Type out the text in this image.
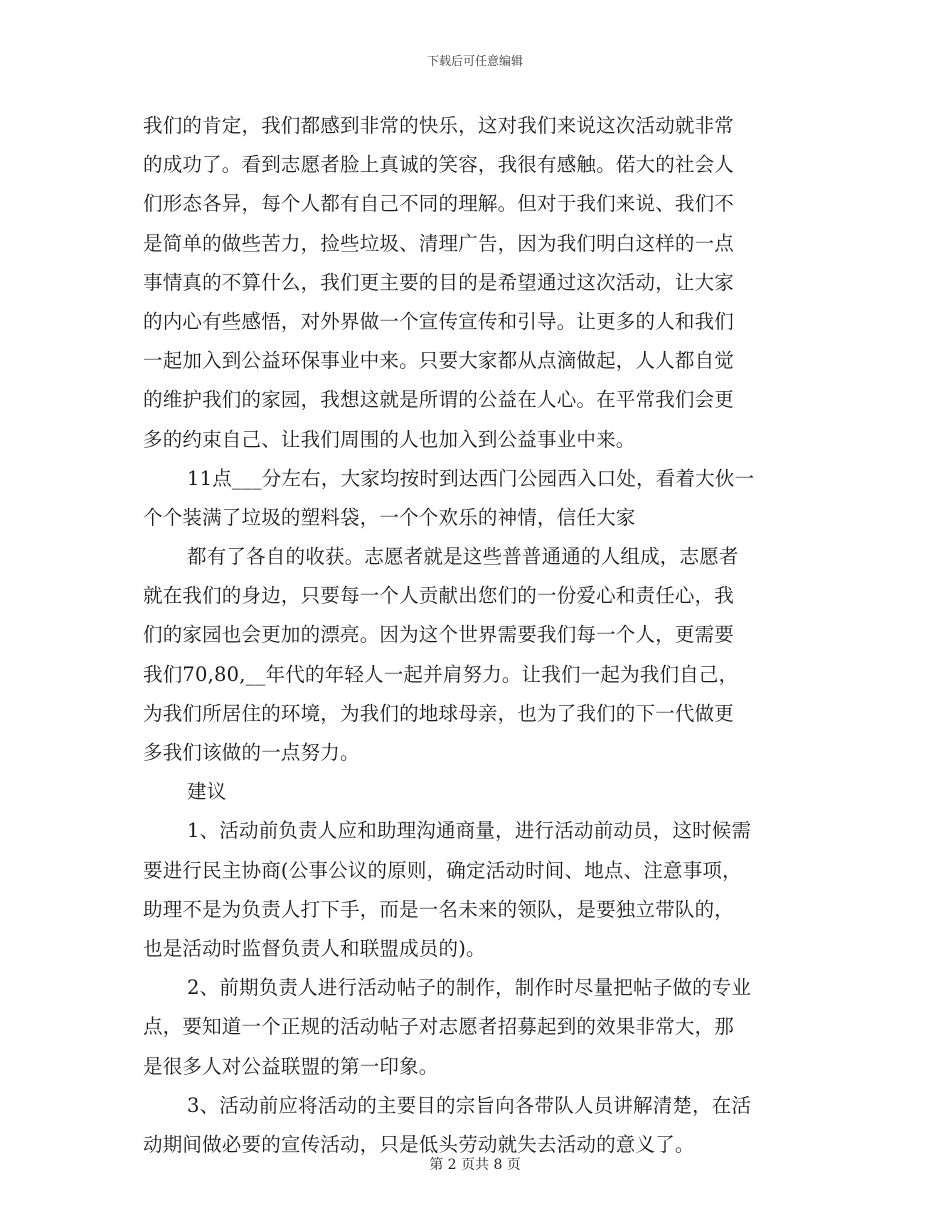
下载后可任意编辑
我们的肯定，我们都感到非常的快乐，这对我们来说这次活动就非常
的成功了。看到志愿者脸上真诚的笑容，我很有感触。偌大的社会人
们形态各异，每个人都有自己不同的理解。但对于我们来说、我们不
是简单的做些苦力，捡些垃圾、清理广告，因为我们明白这样的一点
事情真的不算什么，我们更主要的目的是希望通过这次活动，让大家
的内心有些感悟，对外界做一个宣传宣传和引导。让更多的人和我们
一起加入到公益环保事业中来。只要大家都从点滴做起，人人都自觉
的维护我们的家园，我想这就是所谓的公益在人心。在平常我们会更
多的约束自己、让我们周围的人也加入到公益事业中来。
11点___分左右，大家均按时到达西门公园西入口处，看着大伙一
个个装满了垃圾的塑料袋，一个个欢乐的神情，信任大家
都有了各自的收获。志愿者就是这些普普通通的人组成，志愿者
就在我们的身边，只要每一个人贡献出您们的一份爱心和责任心，我
们的家园也会更加的漂亮。因为这个世界需要我们每一个人，更需要
我们70,80,__年代的年轻人一起并肩努力。让我们一起为我们自己，
为我们所居住的环境，为我们的地球母亲，也为了我们的下一代做更
多我们该做的一点努力。
建议
1、活动前负责人应和助理沟通商量，进行活动前动员，这时候需
要进行民主协商(公事公议的原则，确定活动时间、地点、注意事项，
助理不是为负责人打下手，而是一名未来的领队，是要独立带队的，
也是活动时监督负责人和联盟成员的)。
2、前期负责人进行活动帖子的制作，制作时尽量把帖子做的专业
点，要知道一个正规的活动帖子对志愿者招募起到的效果非常大，那
是很多人对公益联盟的第一印象。
3、活动前应将活动的主要目的宗旨向各带队人员讲解清楚，在活
动期间做必要的宣传活动，只是低头劳动就失去活动的意义了。
第 2 页共 8 页
